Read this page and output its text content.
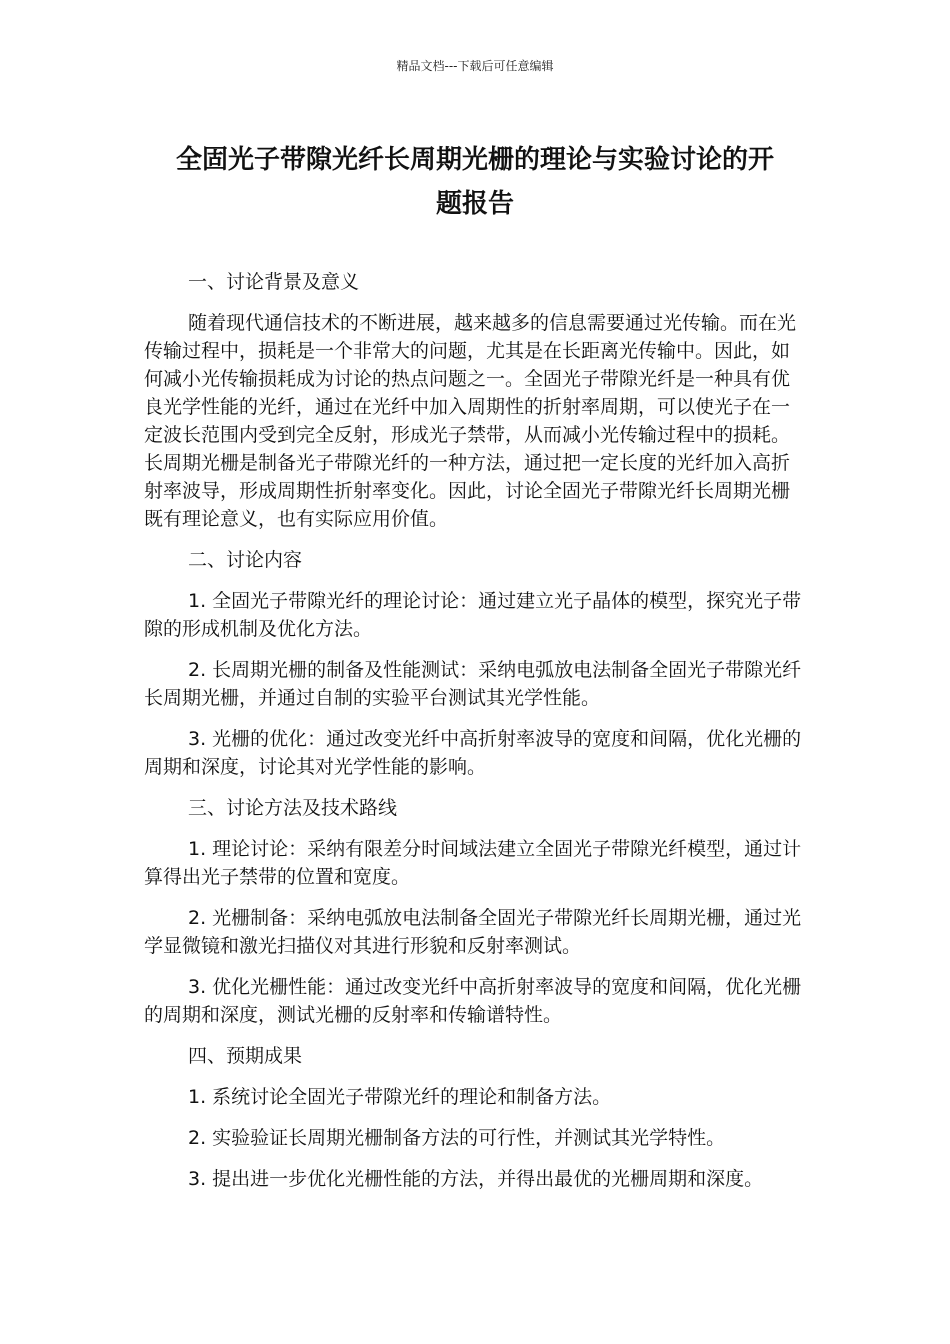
精品文档---下载后可任意编辑
全固光子带隙光纤长周期光栅的理论与实验讨论的开
题报告
一、讨论背景及意义
随着现代通信技术的不断进展，越来越多的信息需要通过光传输。而在光传输过程中，损耗是一个非常大的问题，尤其是在长距离光传输中。因此，如何减小光传输损耗成为讨论的热点问题之一。全固光子带隙光纤是一种具有优良光学性能的光纤，通过在光纤中加入周期性的折射率周期，可以使光子在一定波长范围内受到完全反射，形成光子禁带，从而减小光传输过程中的损耗。长周期光栅是制备光子带隙光纤的一种方法，通过把一定长度的光纤加入高折射率波导，形成周期性折射率变化。因此，讨论全固光子带隙光纤长周期光栅既有理论意义，也有实际应用价值。
二、讨论内容
1. 全固光子带隙光纤的理论讨论：通过建立光子晶体的模型，探究光子带隙的形成机制及优化方法。
2. 长周期光栅的制备及性能测试：采纳电弧放电法制备全固光子带隙光纤长周期光栅，并通过自制的实验平台测试其光学性能。
3. 光栅的优化：通过改变光纤中高折射率波导的宽度和间隔，优化光栅的周期和深度，讨论其对光学性能的影响。
三、讨论方法及技术路线
1. 理论讨论：采纳有限差分时间域法建立全固光子带隙光纤模型，通过计算得出光子禁带的位置和宽度。
2. 光栅制备：采纳电弧放电法制备全固光子带隙光纤长周期光栅，通过光学显微镜和激光扫描仪对其进行形貌和反射率测试。
3. 优化光栅性能：通过改变光纤中高折射率波导的宽度和间隔，优化光栅的周期和深度，测试光栅的反射率和传输谱特性。
四、预期成果
1. 系统讨论全固光子带隙光纤的理论和制备方法。
2. 实验验证长周期光栅制备方法的可行性，并测试其光学特性。
3. 提出进一步优化光栅性能的方法，并得出最优的光栅周期和深度。
